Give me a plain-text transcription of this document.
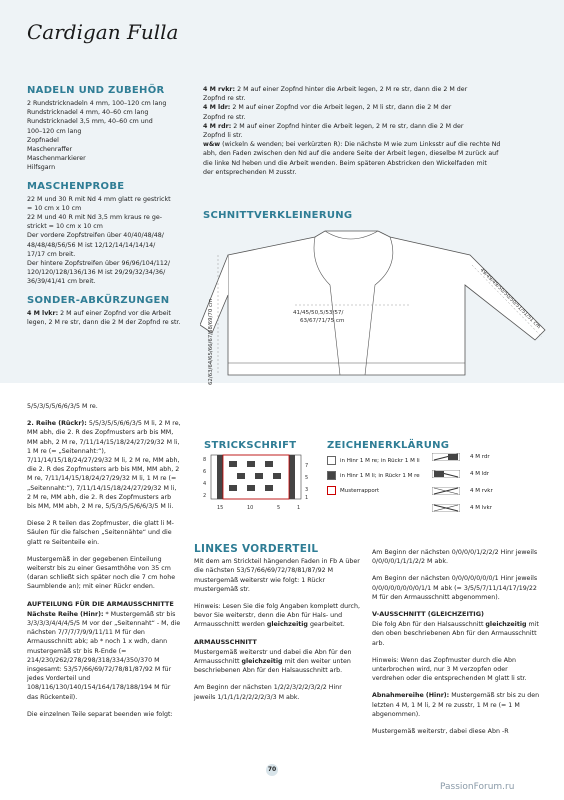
Cardigan Fulla
NADELN UND ZUBEHÖR
2 Rundstricknadeln 4 mm, 100–120 cm lang
Rundstricknadel 4 mm, 40–60 cm lang
Rundstricknadel 3,5 mm, 40–60 cm und
100–120 cm lang
Zopfnadel
Maschenraffer
Maschenmarkierer
Hilfsgarn
MASCHENPROBE
22 M und 30 R mit Nd 4 mm glatt re gestrickt
= 10 cm x 10 cm
22 M und 40 R mit Nd 3,5 mm kraus re ge-
strickt = 10 cm x 10 cm
Der vordere Zopfstreifen über 40/40/48/48/
48/48/48/56/56 M ist 12/12/14/14/14/14/
17/17 cm breit.
Der hintere Zopfstreifen über 96/96/104/112/
120/120/128/136/136 M ist 29/29/32/34/36/
36/39/41/41 cm breit.
SONDER-ABKÜRZUNGEN
4 M lvkr: 2 M auf einer Zopfnd vor die Arbeit
legen, 2 M re str, dann die 2 M der Zopfnd re str.
4 M rvkr: 2 M auf einer Zopfnd hinter die Arbeit legen, 2 M re str, dann die 2 M der
Zopfnd re str.
4 M ldr: 2 M auf einer Zopfnd vor die Arbeit legen, 2 M li str, dann die 2 M der
Zopfnd re str.
4 M rdr: 2 M auf einer Zopfnd hinter die Arbeit legen, 2 M re str, dann die 2 M der
Zopfnd li str.
w&w (wickeln & wenden; bei verkürzten R): Die nächste M wie zum Linksstr auf die rechte Nd
abh, den Faden zwischen den Nd auf die andere Seite der Arbeit legen, dieselbe M zurück auf
die linke Nd heben und die Arbeit wenden. Beim späteren Abstricken den Wickelfaden mit
der entsprechenden M zusstr.
SCHNITTVERKLEINERUNG
41/45/50,5/53/57/
63/67/71/75 cm
62/63/64/65/66/67/68/69/70 cm
49/49/49/50/50/50/51/51/51 cm

5/5/3/5/5/6/6/3/5 M re.

2. Reihe (Rückr): 5/5/3/5/5/6/6/3/5 M li, 2 M re, MM abh, die 2. R des Zopfmusters arb bis MM, MM abh, 2 M re, 7/11/14/15/18/24/27/29/32 M li, 1 M re (= „Seitennaht:“), 7/11/14/15/18/24/27/29/32 M li, 2 M re, MM abh, die 2. R des Zopfmusters arb bis MM, MM abh, 2 M re, 7/11/14/15/18/24/27/29/32 M li, 1 M re (= „Seitennaht:“), 7/11/14/15/18/24/27/29/32 M li, 2 M re, MM abh, die 2. R des Zopfmusters arb bis MM, MM abh, 2 M re, 5/5/3/5/5/6/6/3/5 M li.

Diese 2 R teilen das Zopfmuster, die glatt li M-Säulen für die falschen „Seitennähte“ und die glatt re Seitenteile ein.

Mustergemäß in der gegebenen Einteilung weiterstr bis zu einer Gesamthöhe von 35 cm (daran schließt sich später noch die 7 cm hohe Saumblende an); mit einer Rückr enden.

AUFTEILUNG FÜR DIE ARMAUSSCHNITTE

Nächste Reihe (Hinr): * Mustergemäß str bis 3/3/3/3/4/4/4/5/5 M vor der „Seitennaht“ - M, die nächsten 7/7/7/7/9/9/11/11 M für den Armausschnitt abk; ab * noch 1 x wdh, dann mustergemäß str bis R-Ende (= 214/230/262/278/298/318/334/350/370 M insgesamt: 53/57/66/69/72/78/81/87/92 M für jedes Vorderteil und 108/116/130/140/154/164/178/188/194 M für das Rückenteil).

Die einzelnen Teile separat beenden wie folgt:

STRICKSCHRIFT
8
6
4
2
7
5
3
1
15	10	5	1
ZEICHENERKLÄRUNG
in Hinr 1 M re; in Rückr 1 M li
in Hinr 1 M li; in Rückr 1 M re
Musterrapport
4 M rdr
4 M ldr
4 M rvkr
4 M lvkr
LINKES VORDERTEIL

Mit dem am Strickteil hängenden Faden in Fb A über die nächsten 53/57/66/69/72/78/81/87/92 M mustergemäß weiterstr wie folgt: 1 Rückr mustergemäß str.

Hinweis: Lesen Sie die folg Angaben komplett durch, bevor Sie weiterstr, denn die Abn für Hals- und Armausschnitt werden gleichzeitig gearbeitet.

ARMAUSSCHNITT

Mustergemäß weiterstr und dabei die Abn für den Armausschnitt gleichzeitig mit den weiter unten beschriebenen Abn für den Halsausschnitt arb.

Am Beginn der nächsten 1/2/2/3/2/2/3/2/2 Hinr jeweils 1/1/1/1/2/2/2/2/3/3 M abk.

Am Beginn der nächsten 0/0/0/0/1/2/2/2 Hinr jeweils 0/0/0/0/1/1/1/2/2 M abk.

Am Beginn der nächsten 0/0/0/0/0/0/0/1 Hinr jeweils 0/0/0/0/0/0/0/0/1/1 M abk (= 3/5/5/7/11/14/17/19/22 M für den Armausschnitt abgenommen).

V-AUSSCHNITT (GLEICHZEITIG)

Die folg Abn für den Halsausschnitt gleichzeitig mit den oben beschriebenen Abn für den Armausschnitt arb.

Hinweis: Wenn das Zopfmuster durch die Abn unterbrochen wird, nur 3 M verzopfen oder verdrehen oder die entsprechenden M glatt li str.

Abnahmereihe (Hinr): Mustergemäß str bis zu den letzten 4 M, 1 M li, 2 M re zusstr, 1 M re (= 1 M abgenommen).

Mustergemäß weiterstr, dabei diese Abn -R

70
PassionForum.ru
